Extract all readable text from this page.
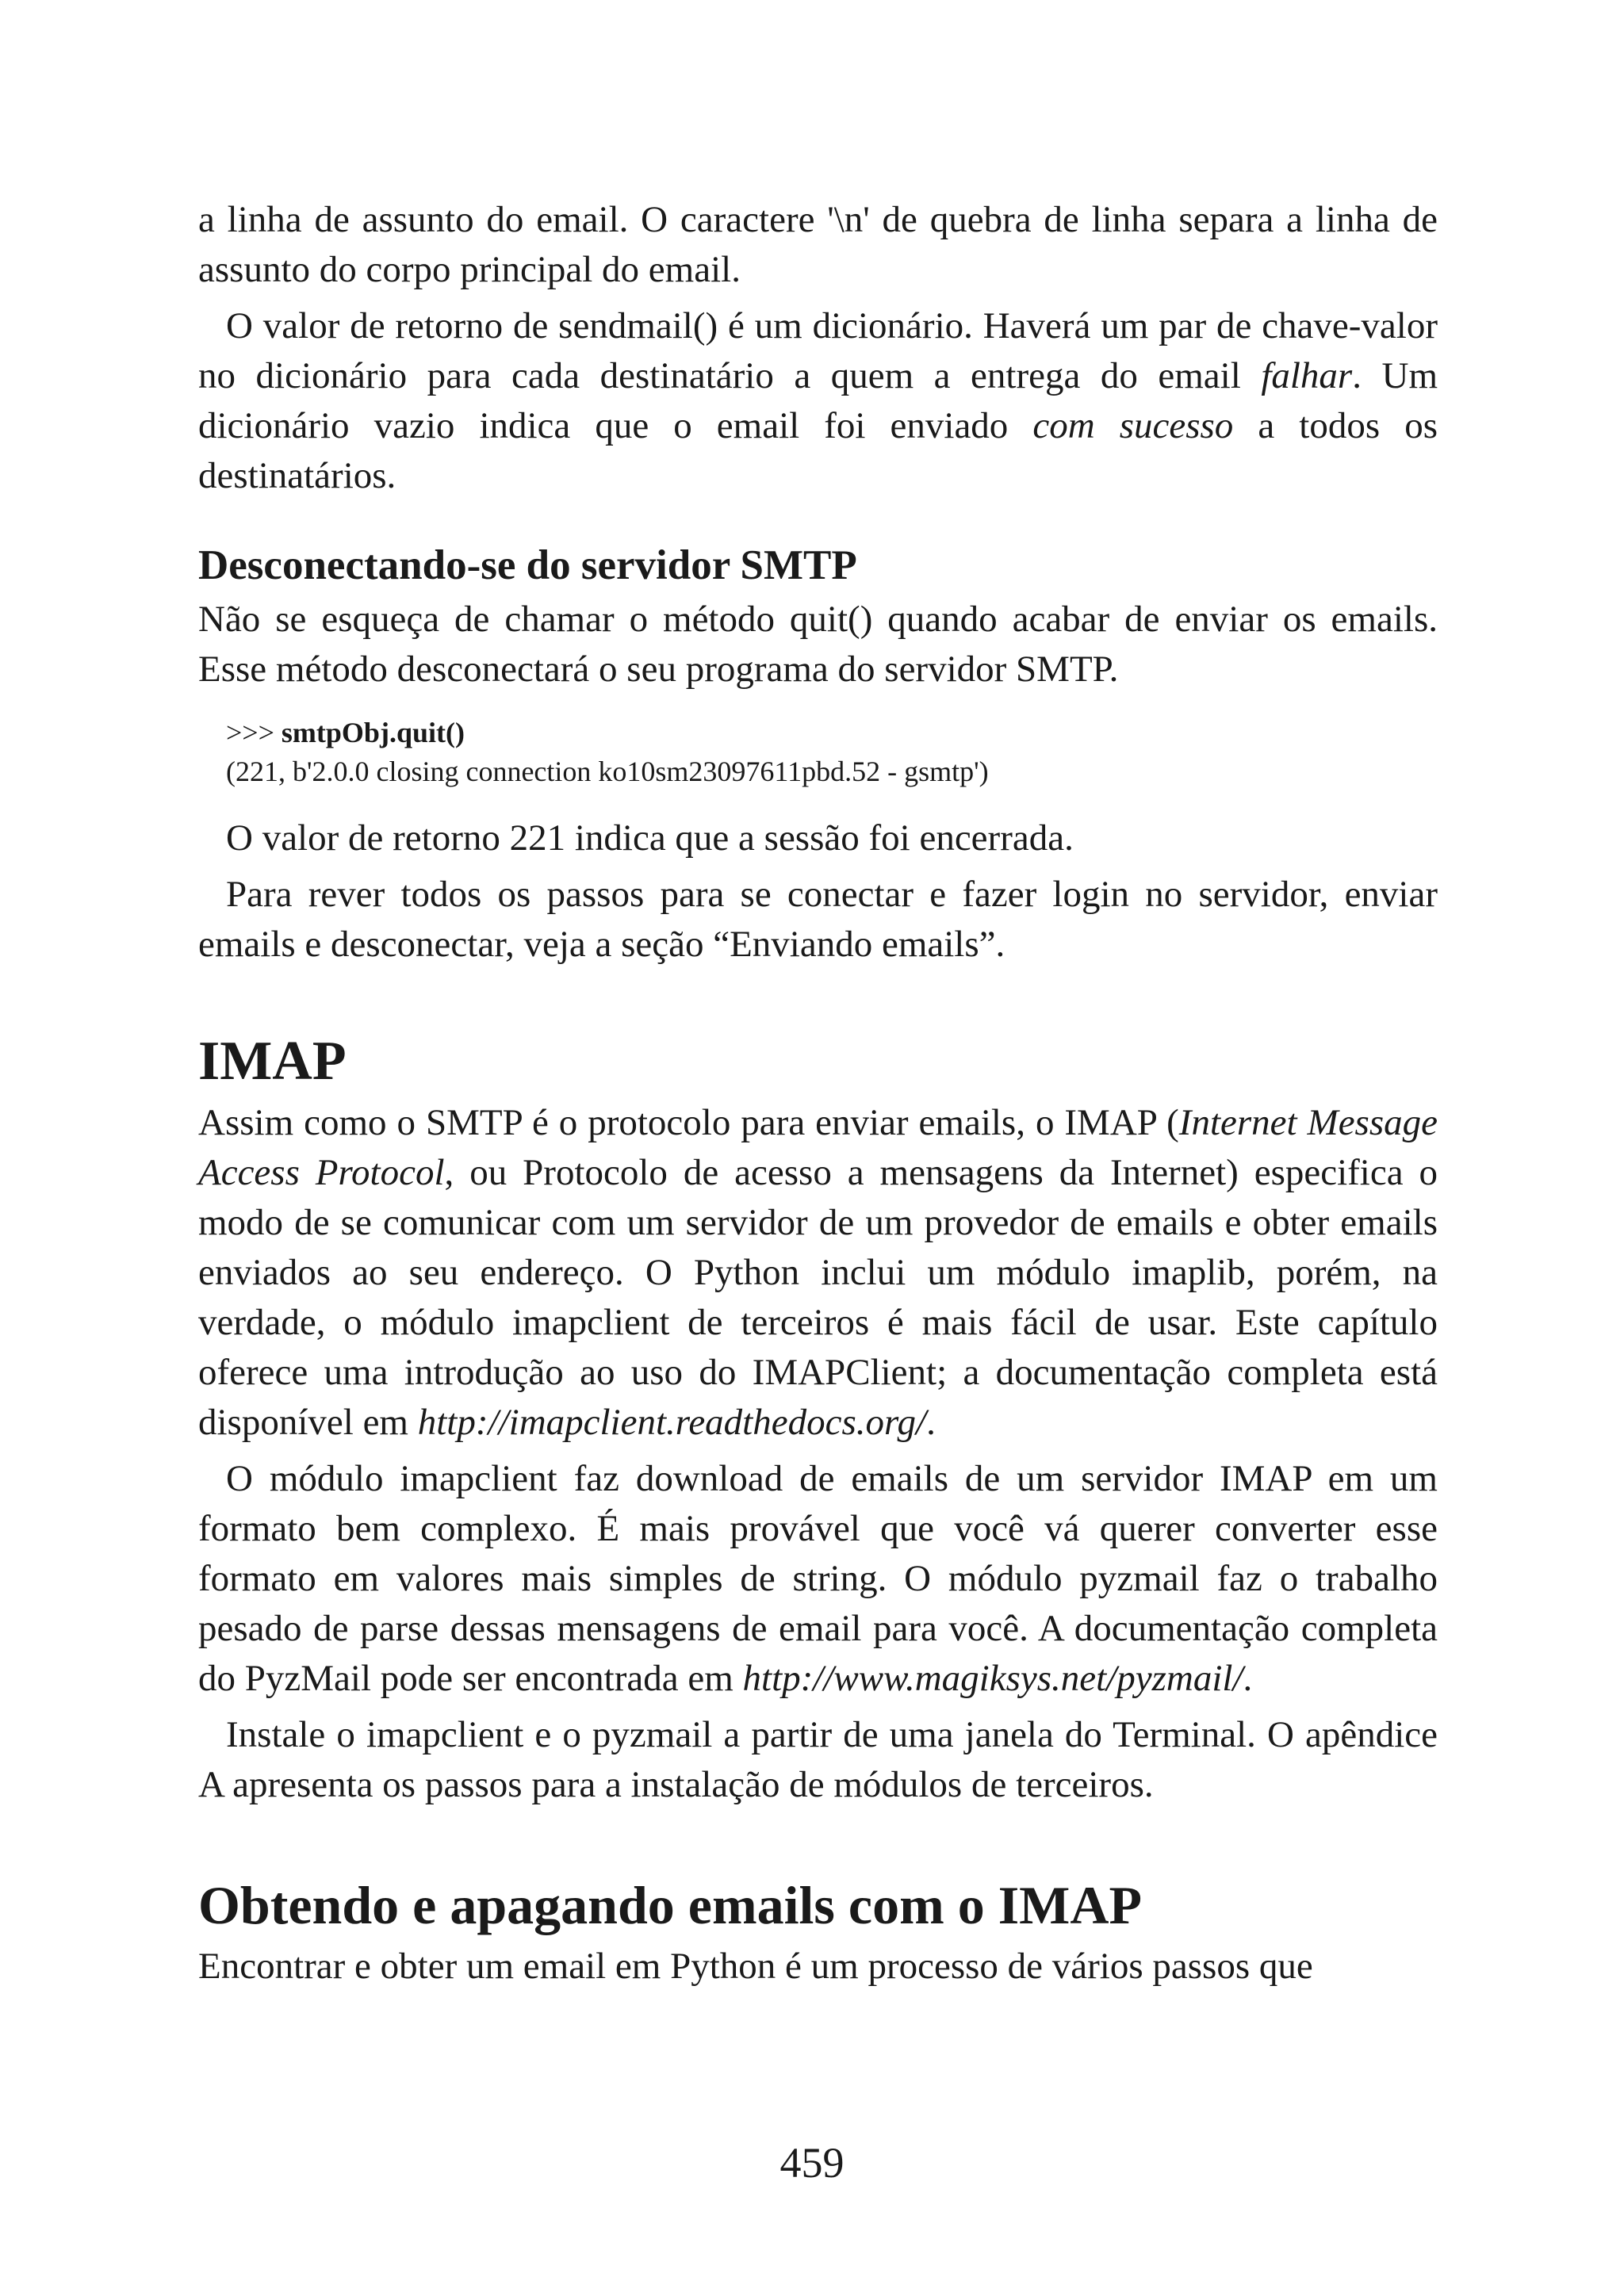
a linha de assunto do email. O caractere '\n' de quebra de linha separa a linha de assunto do corpo principal do email.

O valor de retorno de sendmail() é um dicionário. Haverá um par de chave-valor no dicionário para cada destinatário a quem a entrega do email falhar. Um dicionário vazio indica que o email foi enviado com sucesso a todos os destinatários.

Desconectando-se do servidor SMTP

Não se esqueça de chamar o método quit() quando acabar de enviar os emails. Esse método desconectará o seu programa do servidor SMTP.

>>> smtpObj.quit()
(221, b'2.0.0 closing connection ko10sm23097611pbd.52 - gsmtp')

O valor de retorno 221 indica que a sessão foi encerrada.

Para rever todos os passos para se conectar e fazer login no servidor, enviar emails e desconectar, veja a seção “Enviando emails”.

IMAP

Assim como o SMTP é o protocolo para enviar emails, o IMAP (Internet Message Access Protocol, ou Protocolo de acesso a mensagens da Internet) especifica o modo de se comunicar com um servidor de um provedor de emails e obter emails enviados ao seu endereço. O Python inclui um módulo imaplib, porém, na verdade, o módulo imapclient de terceiros é mais fácil de usar. Este capítulo oferece uma introdução ao uso do IMAPClient; a documentação completa está disponível em http://imapclient.readthedocs.org/.

O módulo imapclient faz download de emails de um servidor IMAP em um formato bem complexo. É mais provável que você vá querer converter esse formato em valores mais simples de string. O módulo pyzmail faz o trabalho pesado de parse dessas mensagens de email para você. A documentação completa do PyzMail pode ser encontrada em http://www.magiksys.net/pyzmail/.

Instale o imapclient e o pyzmail a partir de uma janela do Terminal. O apêndice A apresenta os passos para a instalação de módulos de terceiros.

Obtendo e apagando emails com o IMAP

Encontrar e obter um email em Python é um processo de vários passos que

459
